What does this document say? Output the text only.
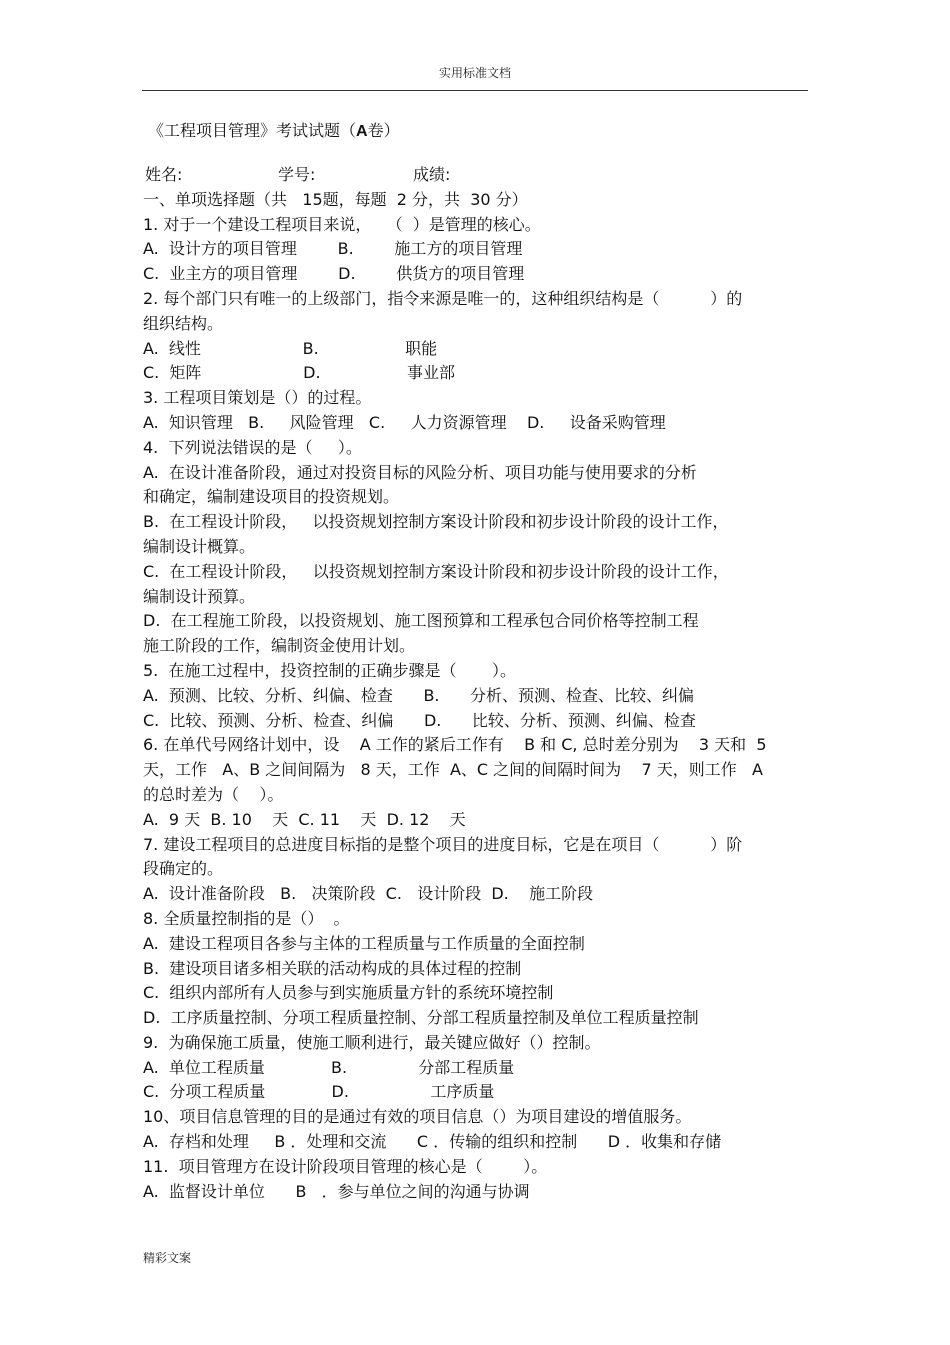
实用标准文档
《工程项目管理》考试试题（A卷）

姓名:

	学号:

	成绩:

一、单项选择题（共   15题，每题  2 分，共  30 分）
1. 对于一个建设工程项目来说，   （  ）是管理的核心。
A.  设计方的项目管理        B.        施工方的项目管理
C.  业主方的项目管理        D.        供货方的项目管理
2. 每个部门只有唯一的上级部门，指令来源是唯一的，这种组织结构是（          ）的
组织结构。
A.  线性                    B.                 职能
C.  矩阵                    D.                 事业部
3. 工程项目策划是（）的过程。
A.  知识管理   B.     风险管理   C.     人力资源管理    D.     设备采购管理
4.  下列说法错误的是（     ）。
A.  在设计准备阶段，通过对投资目标的风险分析、项目功能与使用要求的分析
和确定，编制建设项目的投资规划。
B.  在工程设计阶段，   以投资规划控制方案设计阶段和初步设计阶段的设计工作，
编制设计概算。
C.  在工程设计阶段，   以投资规划控制方案设计阶段和初步设计阶段的设计工作，
编制设计预算。
D.  在工程施工阶段，以投资规划、施工图预算和工程承包合同价格等控制工程
施工阶段的工作，编制资金使用计划。
5.  在施工过程中，投资控制的正确步骤是（       ）。
A.  预测、比较、分析、纠偏、检查      B.      分析、预测、检查、比较、纠偏
C.  比较、预测、分析、检查、纠偏      D.      比较、分析、预测、纠偏、检查
6. 在单代号网络计划中，设    A 工作的紧后工作有    B 和 C, 总时差分别为    3 天和  5
天，工作   A、B 之间间隔为   8 天，工作  A、C 之间的间隔时间为    7 天，则工作   A
的总时差为（    ）。
A.  9 天  B. 10    天  C. 11    天  D. 12    天
7. 建设工程项目的总进度目标指的是整个项目的进度目标，它是在项目（          ）阶
段确定的。
A.  设计准备阶段   B.   决策阶段  C.   设计阶段  D.    施工阶段
8. 全质量控制指的是（）  。
A.  建设工程项目各参与主体的工程质量与工作质量的全面控制
B.  建设项目诸多相关联的活动构成的具体过程的控制
C.  组织内部所有人员参与到实施质量方针的系统环境控制
D.  工序质量控制、分项工程质量控制、分部工程质量控制及单位工程质量控制
9.  为确保施工质量，使施工顺利进行，最关键应做好（）控制。
A.  单位工程质量             B.              分部工程质量
C.  分项工程质量             D.                工序质量
10、项目信息管理的目的是通过有效的项目信息（）为项目建设的增值服务。
A.  存档和处理     B ．处理和交流      C ．传输的组织和控制      D ．收集和存储
11.  项目管理方在设计阶段项目管理的核心是（        ）。
A.  监督设计单位      B   ．参与单位之间的沟通与协调
精彩文案
